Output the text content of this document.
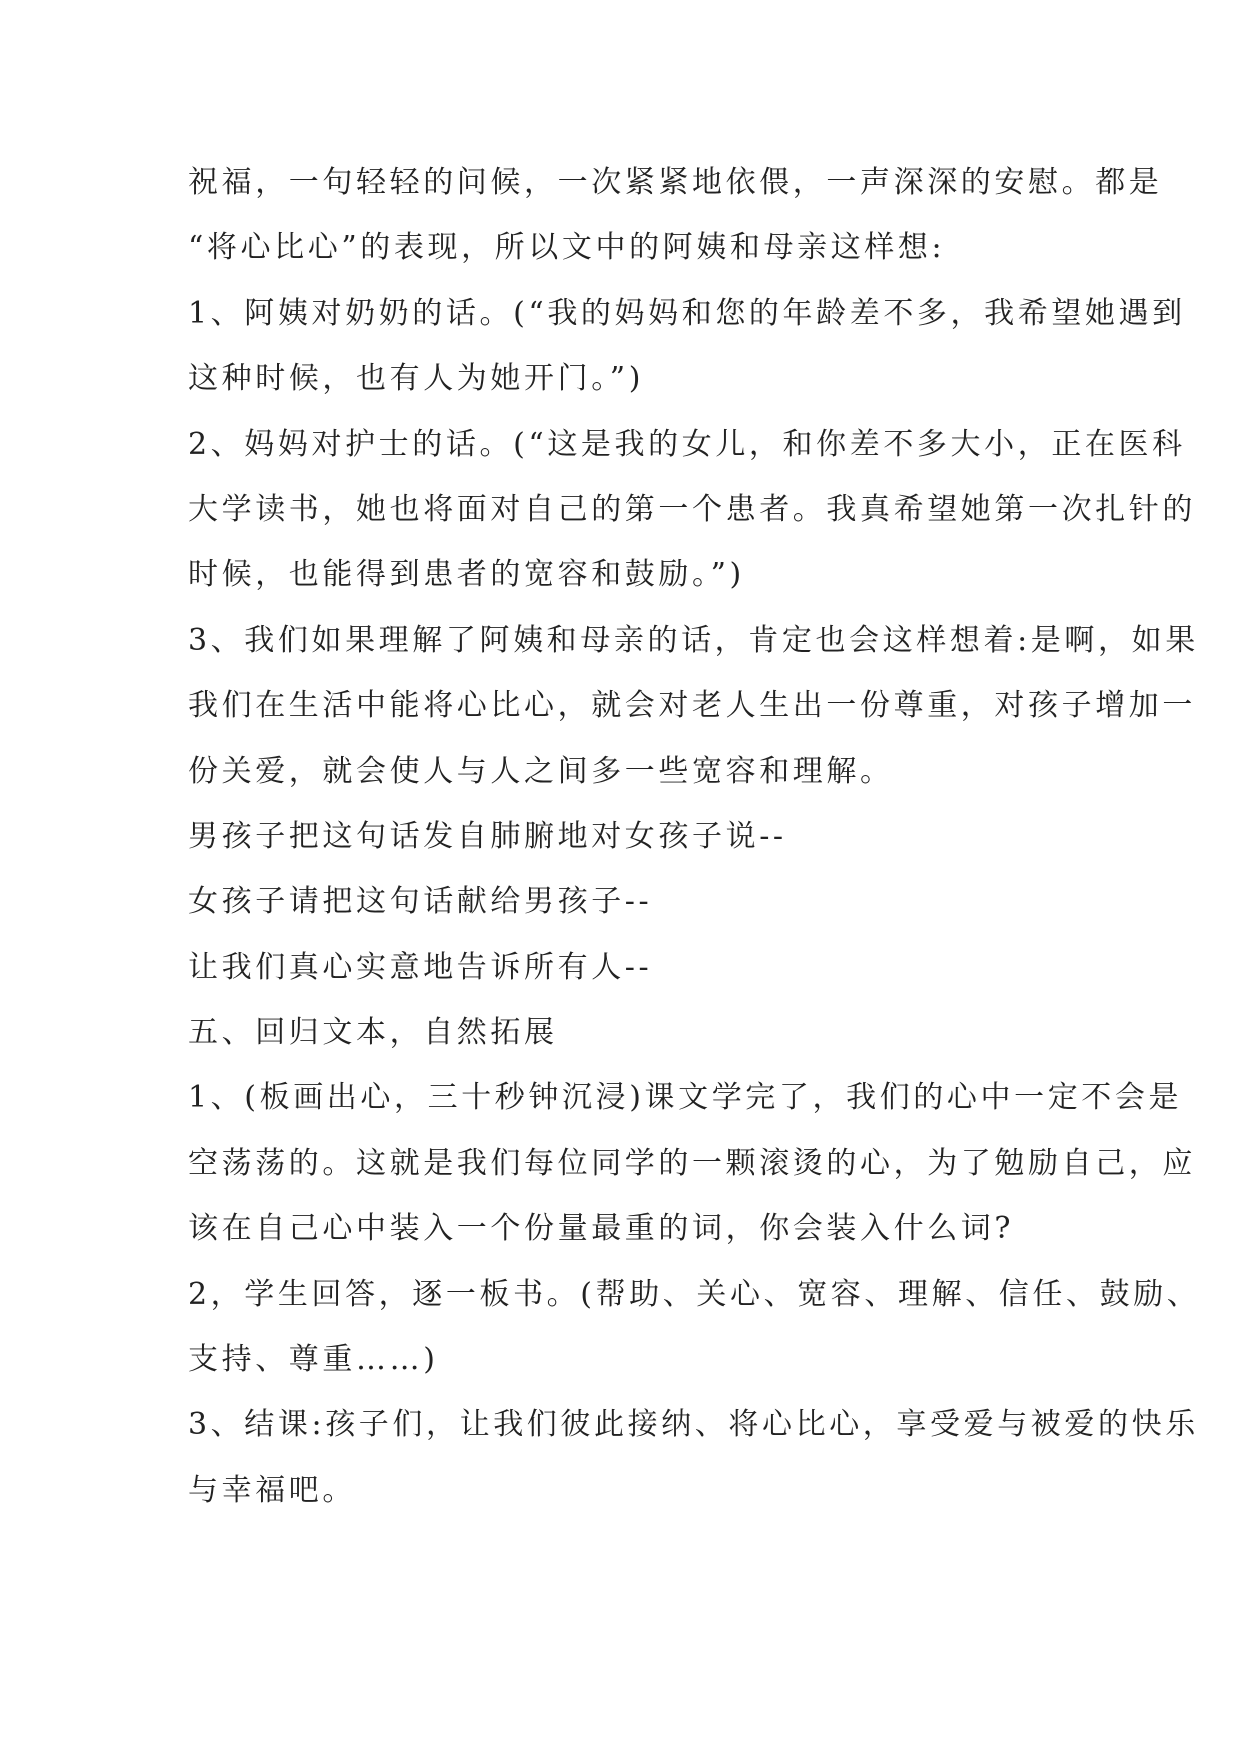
祝福，一句轻轻的问候，一次紧紧地依偎，一声深深的安慰。都是
“将心比心”的表现，所以文中的阿姨和母亲这样想:
1、阿姨对奶奶的话。(“我的妈妈和您的年龄差不多，我希望她遇到
这种时候，也有人为她开门。”)
2、妈妈对护士的话。(“这是我的女儿，和你差不多大小，正在医科
大学读书，她也将面对自己的第一个患者。我真希望她第一次扎针的
时候，也能得到患者的宽容和鼓励。”)
3、我们如果理解了阿姨和母亲的话，肯定也会这样想着:是啊，如果
我们在生活中能将心比心，就会对老人生出一份尊重，对孩子增加一
份关爱，就会使人与人之间多一些宽容和理解。
男孩子把这句话发自肺腑地对女孩子说--
女孩子请把这句话献给男孩子--
让我们真心实意地告诉所有人--
五、回归文本，自然拓展
1、(板画出心，三十秒钟沉浸)课文学完了，我们的心中一定不会是
空荡荡的。这就是我们每位同学的一颗滚烫的心，为了勉励自己，应
该在自己心中装入一个份量最重的词，你会装入什么词?
2，学生回答，逐一板书。(帮助、关心、宽容、理解、信任、鼓励、
支持、尊重……)
3、结课:孩子们，让我们彼此接纳、将心比心，享受爱与被爱的快乐
与幸福吧。
